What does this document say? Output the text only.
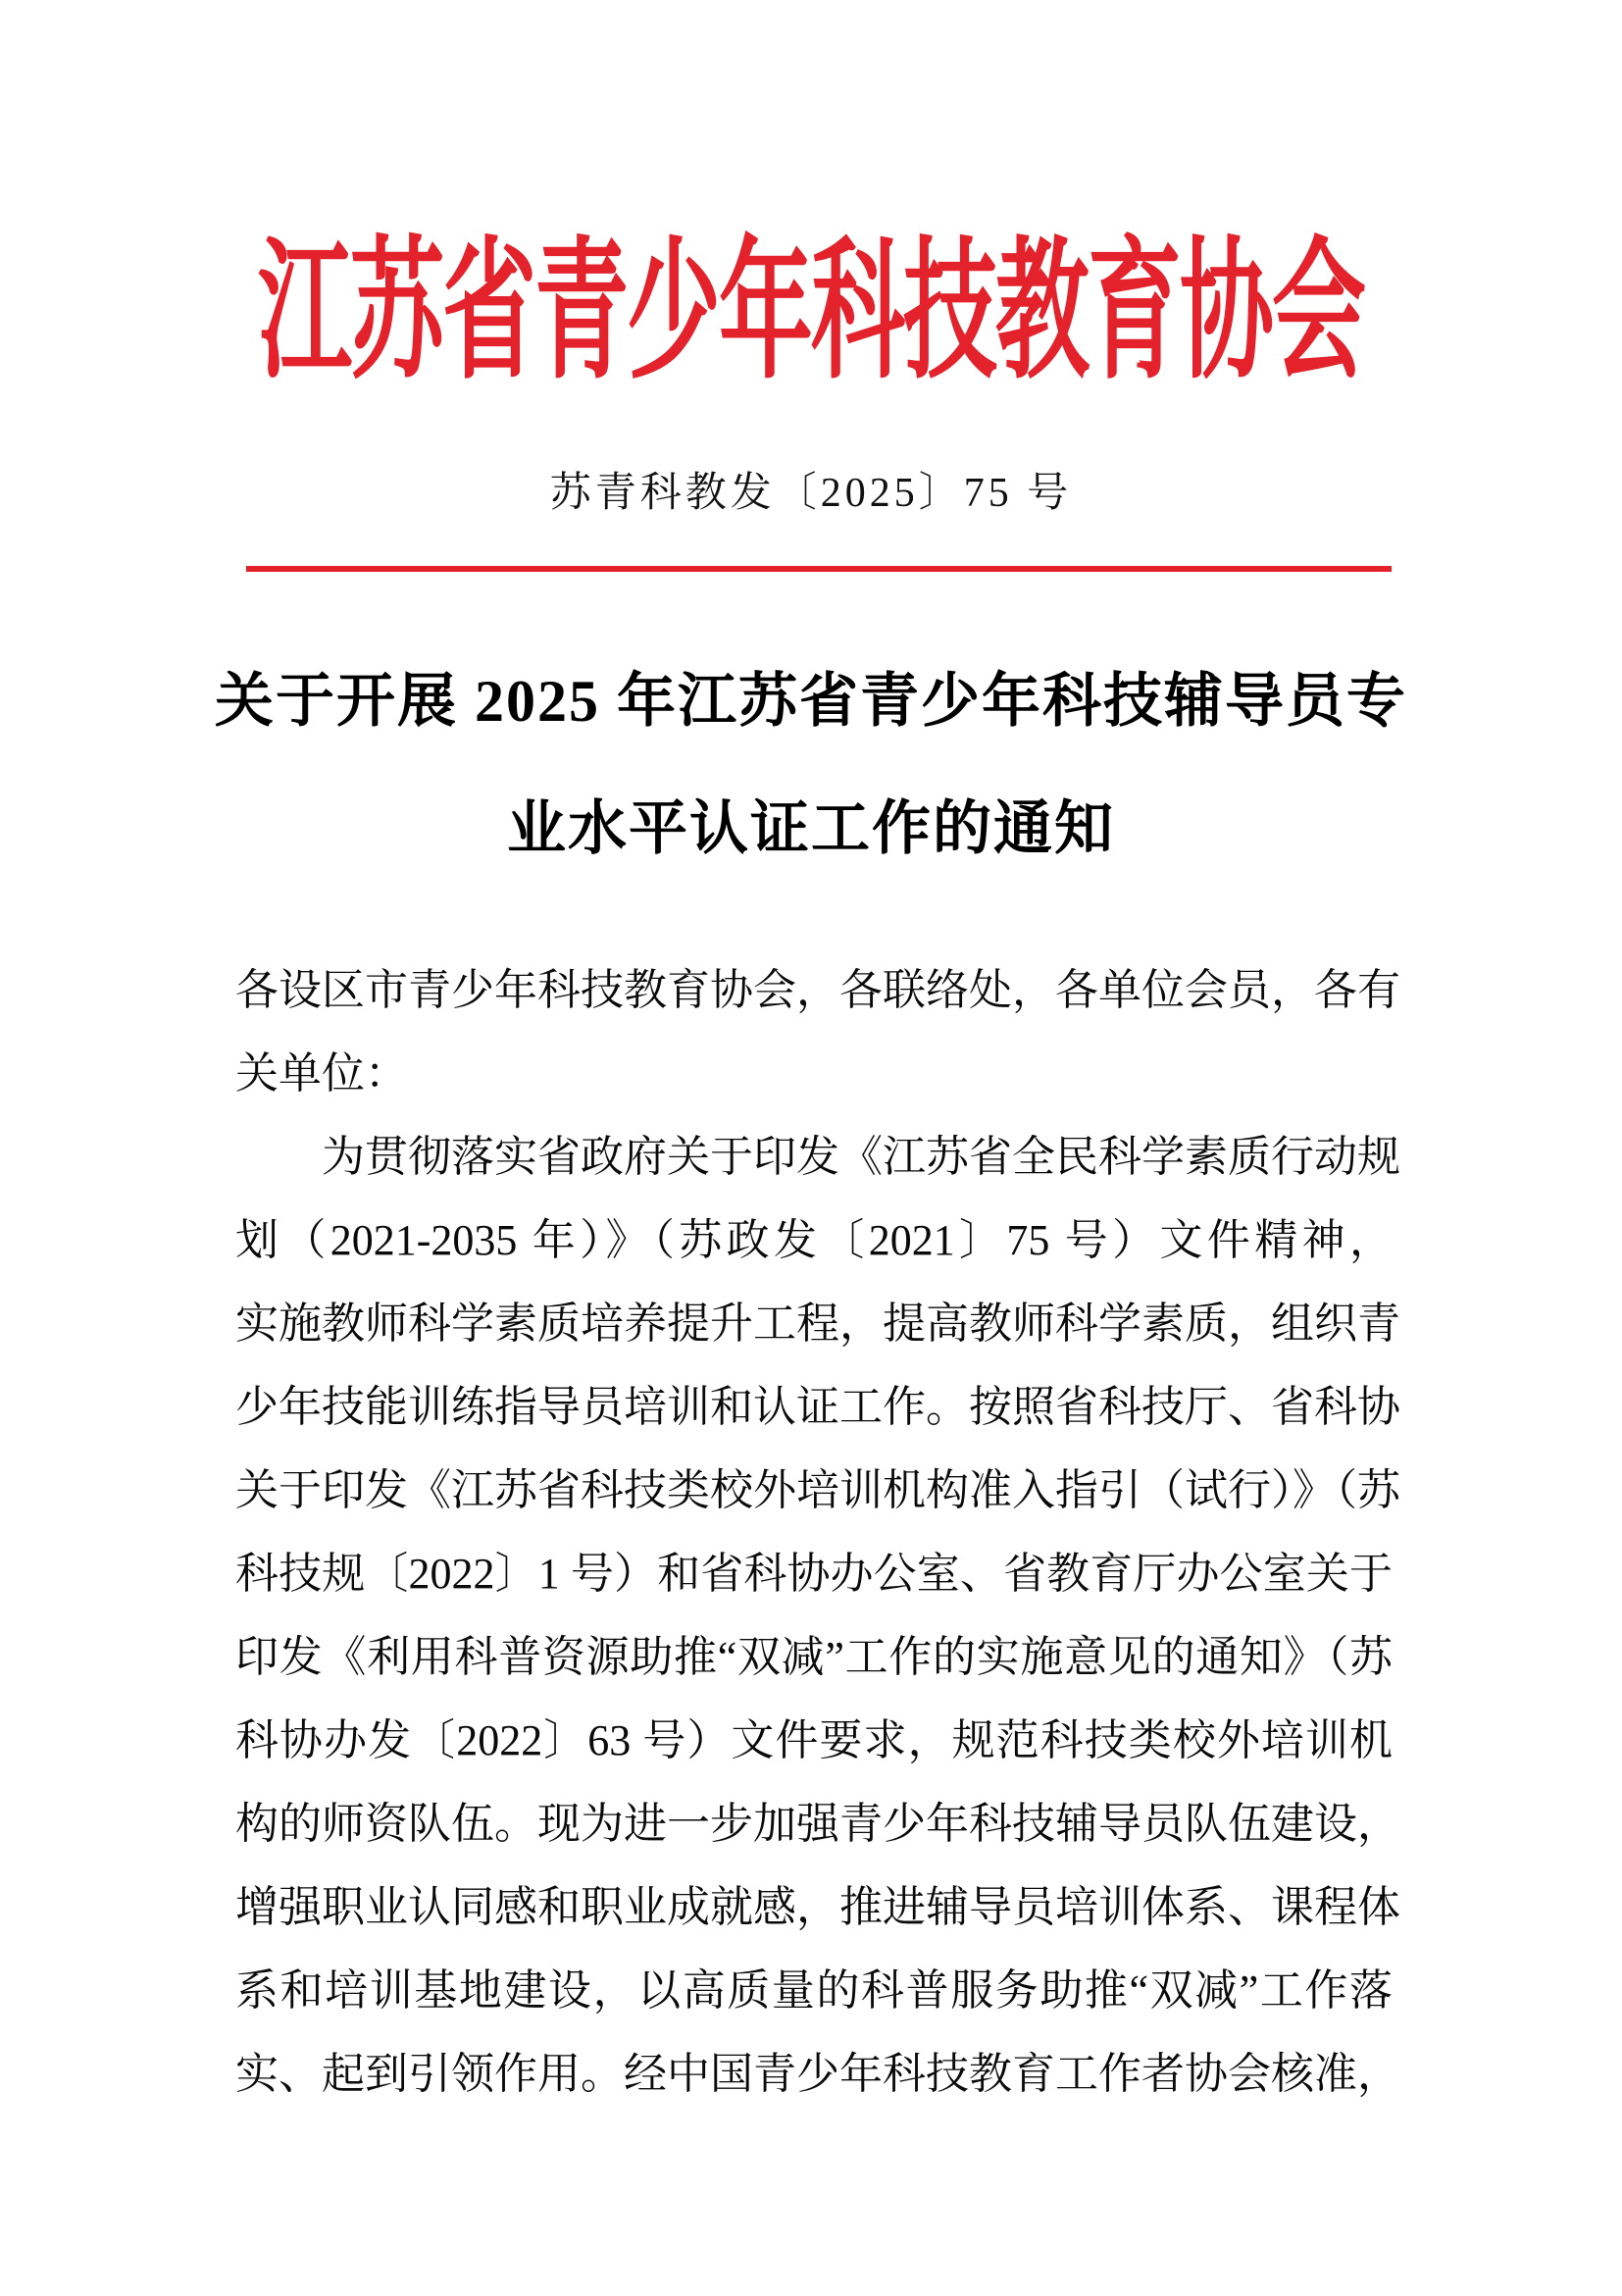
江苏省青少年科技教育协会
苏青科教发〔2025〕75 号
关于开展 2025 年江苏省青少年科技辅导员专
业水平认证工作的通知
各设区市青少年科技教育协会，各联络处，各单位会员，各有
关单位：
为贯彻落实省政府关于印发《江苏省全民科学素质行动规
划（2021-2035 年）》（苏政发〔2021〕75 号）文件精神，
实施教师科学素质培养提升工程，提高教师科学素质，组织青
少年技能训练指导员培训和认证工作。按照省科技厅、省科协
关于印发《江苏省科技类校外培训机构准入指引（试行）》（苏
科技规〔2022〕1 号）和省科协办公室、省教育厅办公室关于
印发《利用科普资源助推“双减”工作的实施意见的通知》（苏
科协办发〔2022〕63 号）文件要求，规范科技类校外培训机
构的师资队伍。现为进一步加强青少年科技辅导员队伍建设，
增强职业认同感和职业成就感，推进辅导员培训体系、课程体
系和培训基地建设，以高质量的科普服务助推“双减”工作落
实、起到引领作用。经中国青少年科技教育工作者协会核准，
